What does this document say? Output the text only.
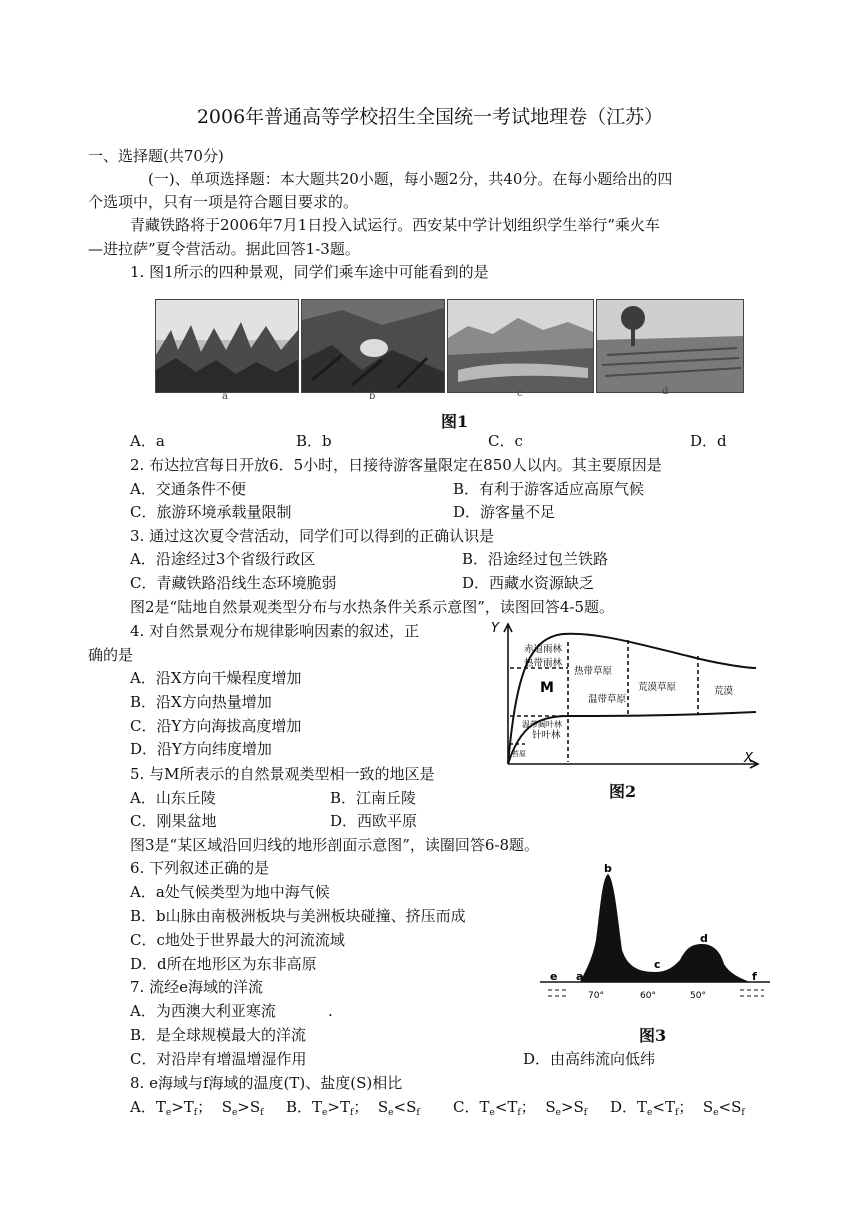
2006年普通高等学校招生全国统一考试地理卷（江苏）
一、选择题(共70分)
(一)、单项选择题：本大题共20小题，每小题2分，共40分。在每小题给出的四
个选项中，只有一项是符合题目要求的。
青藏铁路将于2006年7月1日投入试运行。西安某中学计划组织学生举行“乘火车
—进拉萨”夏令营活动。据此回答1-3题。
1. 图1所示的四种景观，同学们乘车途中可能看到的是
a	b	c	d
图1
A．a	B．b	C．c	D．d
2. 布达拉宫每日开放6．5小时，日接待游客量限定在850人以内。其主要原因是
A．交通条件不便	B．有利于游客适应高原气候
C．旅游环境承载量限制	D．游客量不足
3. 通过这次夏令营活动，同学们可以得到的正确认识是
A．沿途经过3个省级行政区	B．沿途经过包兰铁路
C．青藏铁路沿线生态环境脆弱	D．西藏水资源缺乏
图2是“陆地自然景观类型分布与水热条件关系示意图”，读图回答4-5题。
4. 对自然景观分布规律影响因素的叙述，正
确的是
A．沿X方向干燥程度增加
B．沿X方向热量增加
C．沿Y方向海拔高度增加
D．沿Y方向纬度增加
Y
X
赤道雨林
热带雨林
M
热带草原
温带草原
荒漠草原	荒漠
温带阔叶林
针叶林
苔原
图2
5. 与M所表示的自然景观类型相一致的地区是
A．山东丘陵	B．江南丘陵
C．刚果盆地	D．西欧平原
图3是“某区域沿回归线的地形剖面示意图”，读圈回答6-8题。
6. 下列叙述正确的是
A．a处气候类型为地中海气候
B．b山脉由南极洲板块与美洲板块碰撞、挤压而成
C．c地处于世界最大的河流流域
D．d所在地形区为东非高原
b
a
c
d
e	f
70°	60°	50°
图3
7. 流经e海域的洋流
A．为西澳大利亚寒流	.
B．是全球规模最大的洋流
C．对沿岸有增温增湿作用	D．由高纬流向低纬
8. e海域与f海域的温度(T)、盐度(S)相比
A．$T_e>T_f$； $S_e>S_f$ B．$T_e>T_f$； $S_e<S_f$ C．$T_e<T_f$； $S_e>S_f$ D．$T_e<T_f$； $S_e<S_f$
